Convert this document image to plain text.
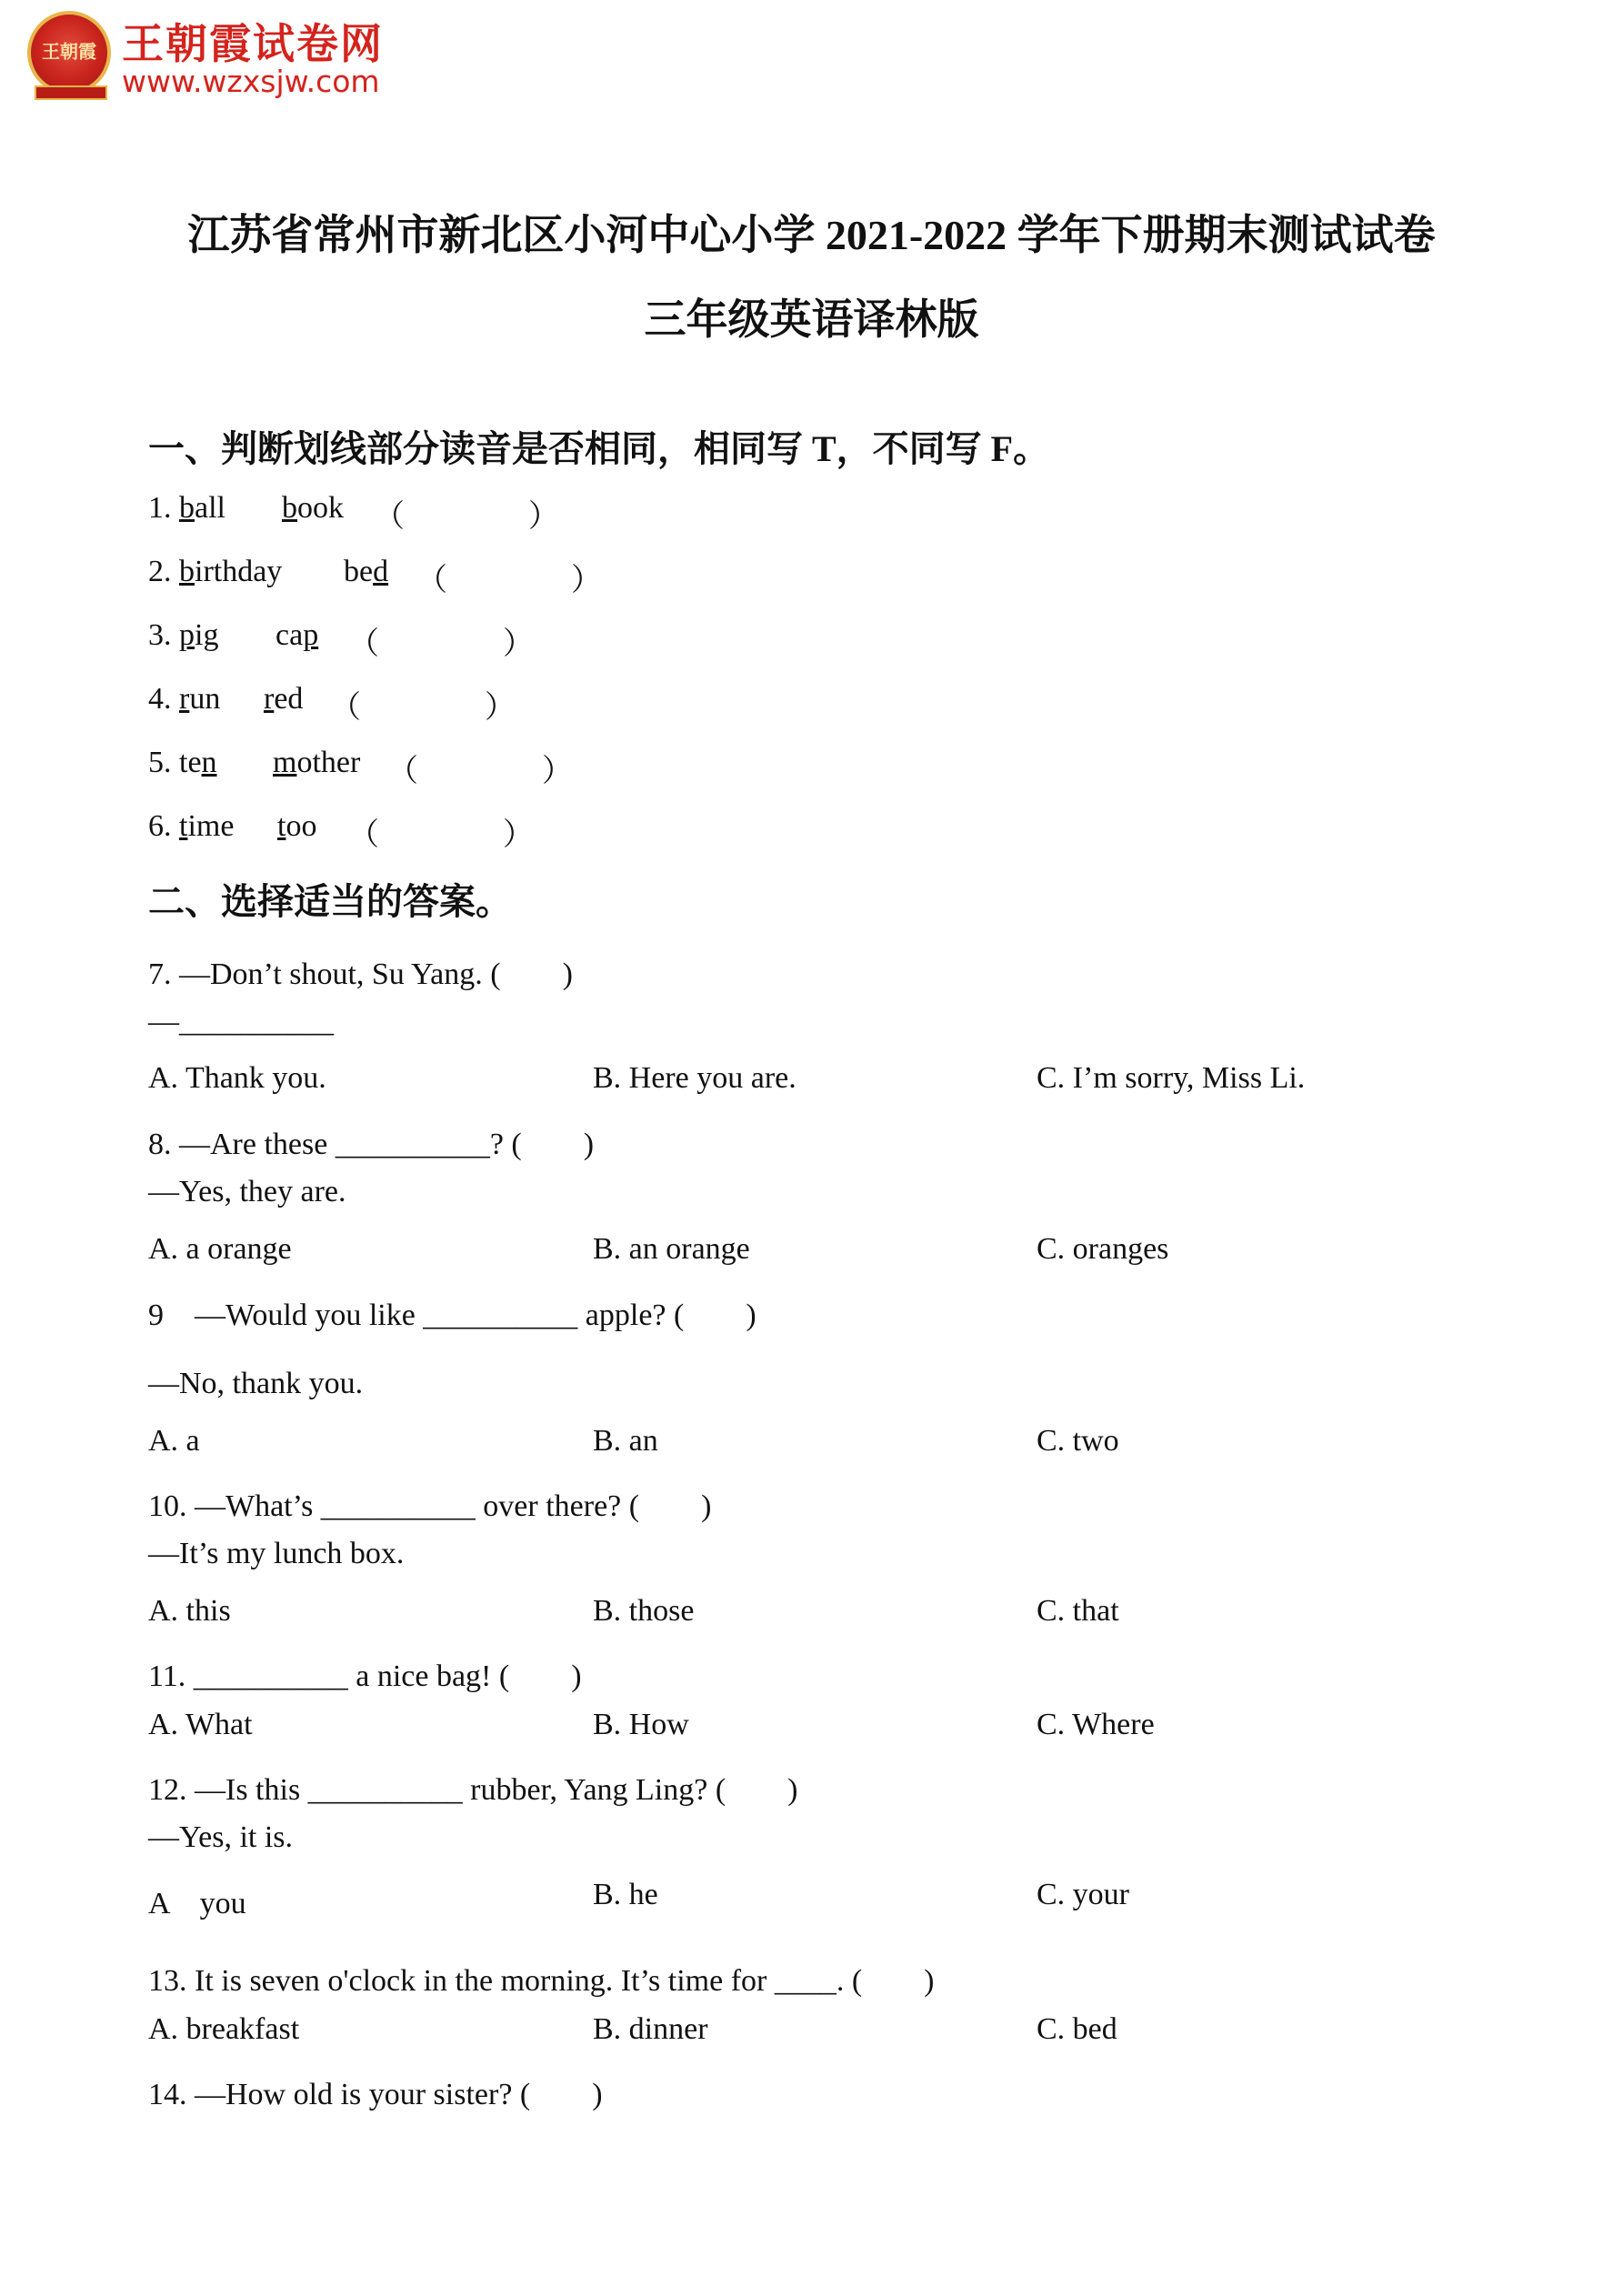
王朝霞 王朝霞试卷网
www.wzxsjw.com
江苏省常州市新北区小河中心小学 2021-2022 学年下册期末测试试卷
三年级英语译林版
一、判断划线部分读音是否相同，相同写 T，不同写 F。
1. ball book （　　　　）
2. birthday bed （　　　　）
3. pig cap （　　　　）
4. run red （　　　　）
5. ten mother （　　　　）
6. time too （　　　　）
二、选择适当的答案。
7. —Don’t shout, Su Yang. (　　)
—__________
A. Thank you.	B. Here you are.	C. I’m sorry, Miss Li.
8. —Are these __________? (　　)
—Yes, they are.
A. a orange	B. an orange	C. oranges
9　—Would you like __________ apple? (　　)
—No, thank you.
A. a	B. an	C. two
10. —What’s __________ over there? (　　)
—It’s my lunch box.
A. this	B. those	C. that
11. __________ a nice bag! (　　)
A. What	B. How	C. Where
12. —Is this __________ rubber, Yang Ling? (　　)
—Yes, it is.
A　you	B. he	C. your
13. It is seven o'clock in the morning. It’s time for ____. (　　)
A. breakfast	B. dinner	C. bed
14. —How old is your sister? (　　)
